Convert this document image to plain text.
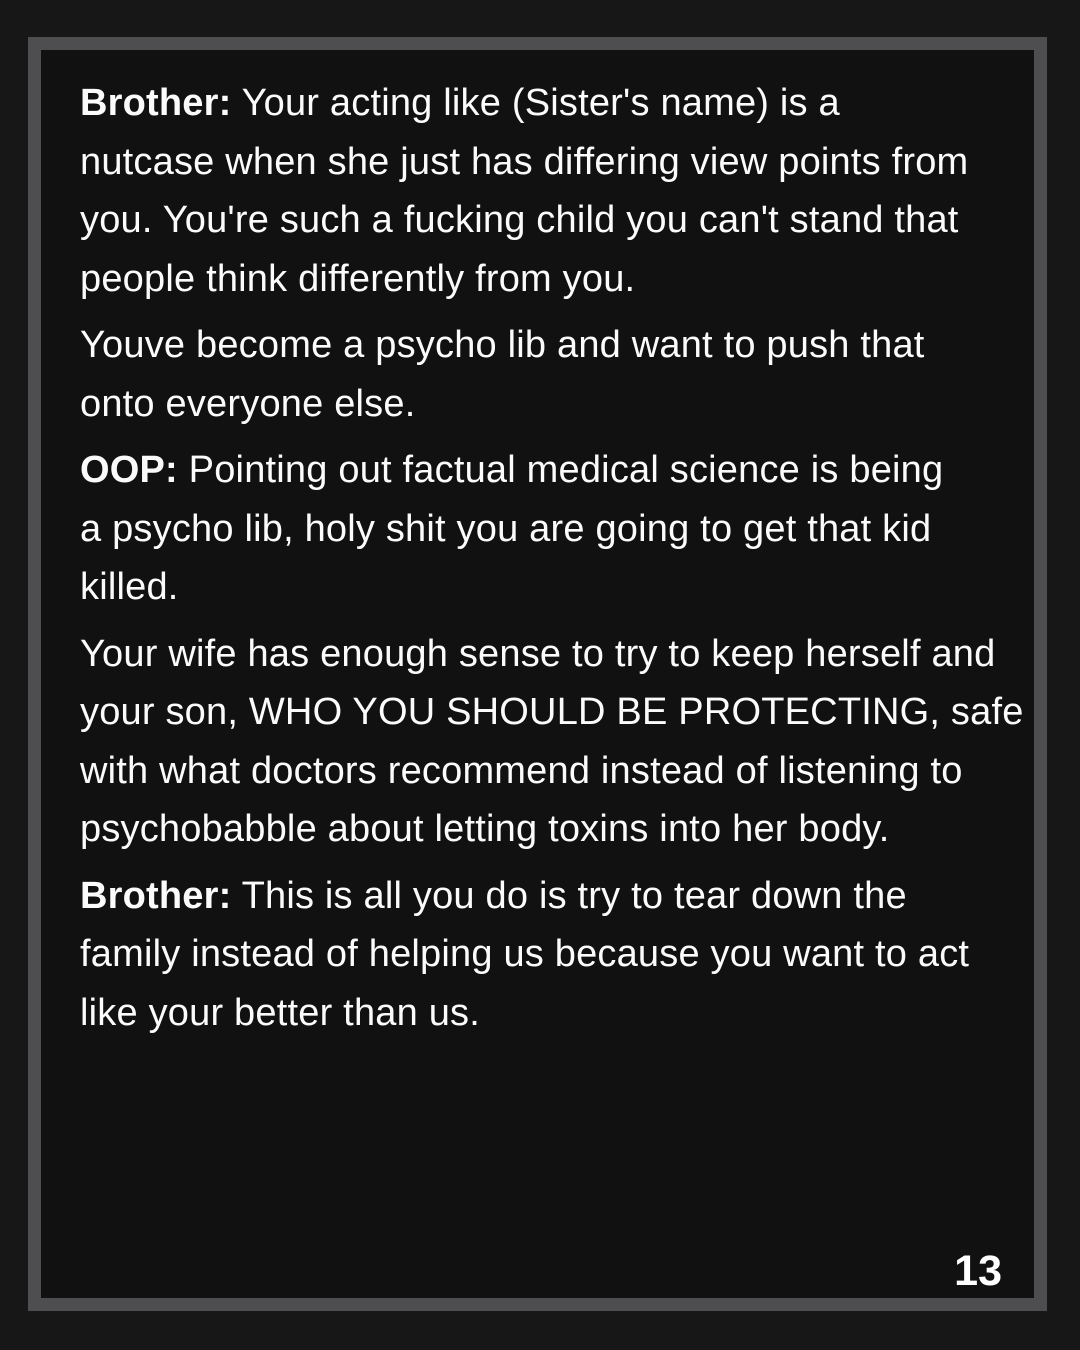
Brother: Your acting like (Sister's name) is a
nutcase when she just has differing view points from
you. You're such a fucking child you can't stand that
people think differently from you.

Youve become a psycho lib and want to push that
onto everyone else.

OOP: Pointing out factual medical science is being
a psycho lib, holy shit you are going to get that kid
killed.

Your wife has enough sense to try to keep herself and
your son, WHO YOU SHOULD BE PROTECTING, safe
with what doctors recommend instead of listening to
psychobabble about letting toxins into her body.

Brother: This is all you do is try to tear down the
family instead of helping us because you want to act
like your better than us.

13
